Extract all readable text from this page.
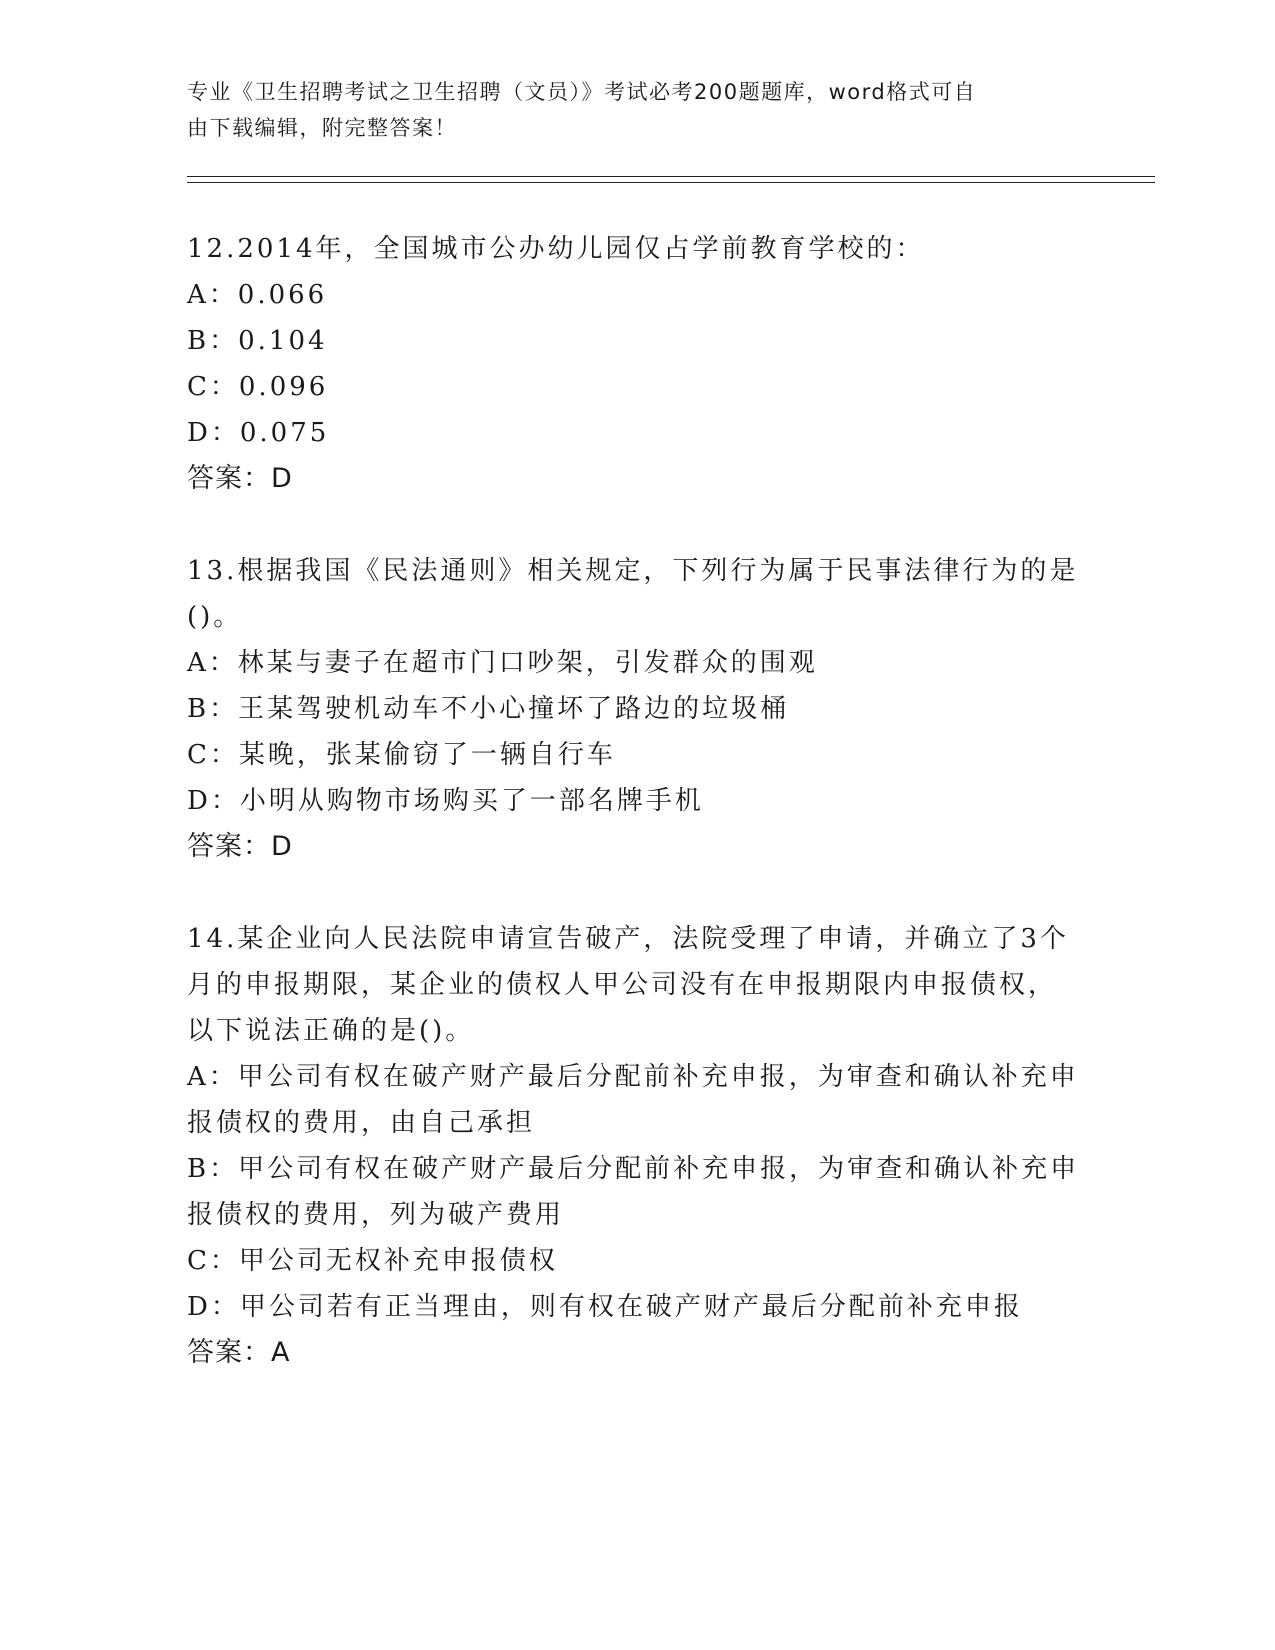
专业《卫生招聘考试之卫生招聘（文员）》考试必考200题题库，word格式可自
由下载编辑，附完整答案！
12.2014年，全国城市公办幼儿园仅占学前教育学校的：
A：0.066
B：0.104
C：0.096
D：0.075
答案：D
13.根据我国《民法通则》相关规定，下列行为属于民事法律行为的是
()。
A：林某与妻子在超市门口吵架，引发群众的围观
B：王某驾驶机动车不小心撞坏了路边的垃圾桶
C：某晚，张某偷窃了一辆自行车
D：小明从购物市场购买了一部名牌手机
答案：D
14.某企业向人民法院申请宣告破产，法院受理了申请，并确立了3个
月的申报期限，某企业的债权人甲公司没有在申报期限内申报债权，
以下说法正确的是()。
A：甲公司有权在破产财产最后分配前补充申报，为审查和确认补充申
报债权的费用，由自己承担
B：甲公司有权在破产财产最后分配前补充申报，为审查和确认补充申
报债权的费用，列为破产费用
C：甲公司无权补充申报债权
D：甲公司若有正当理由，则有权在破产财产最后分配前补充申报
答案：A
